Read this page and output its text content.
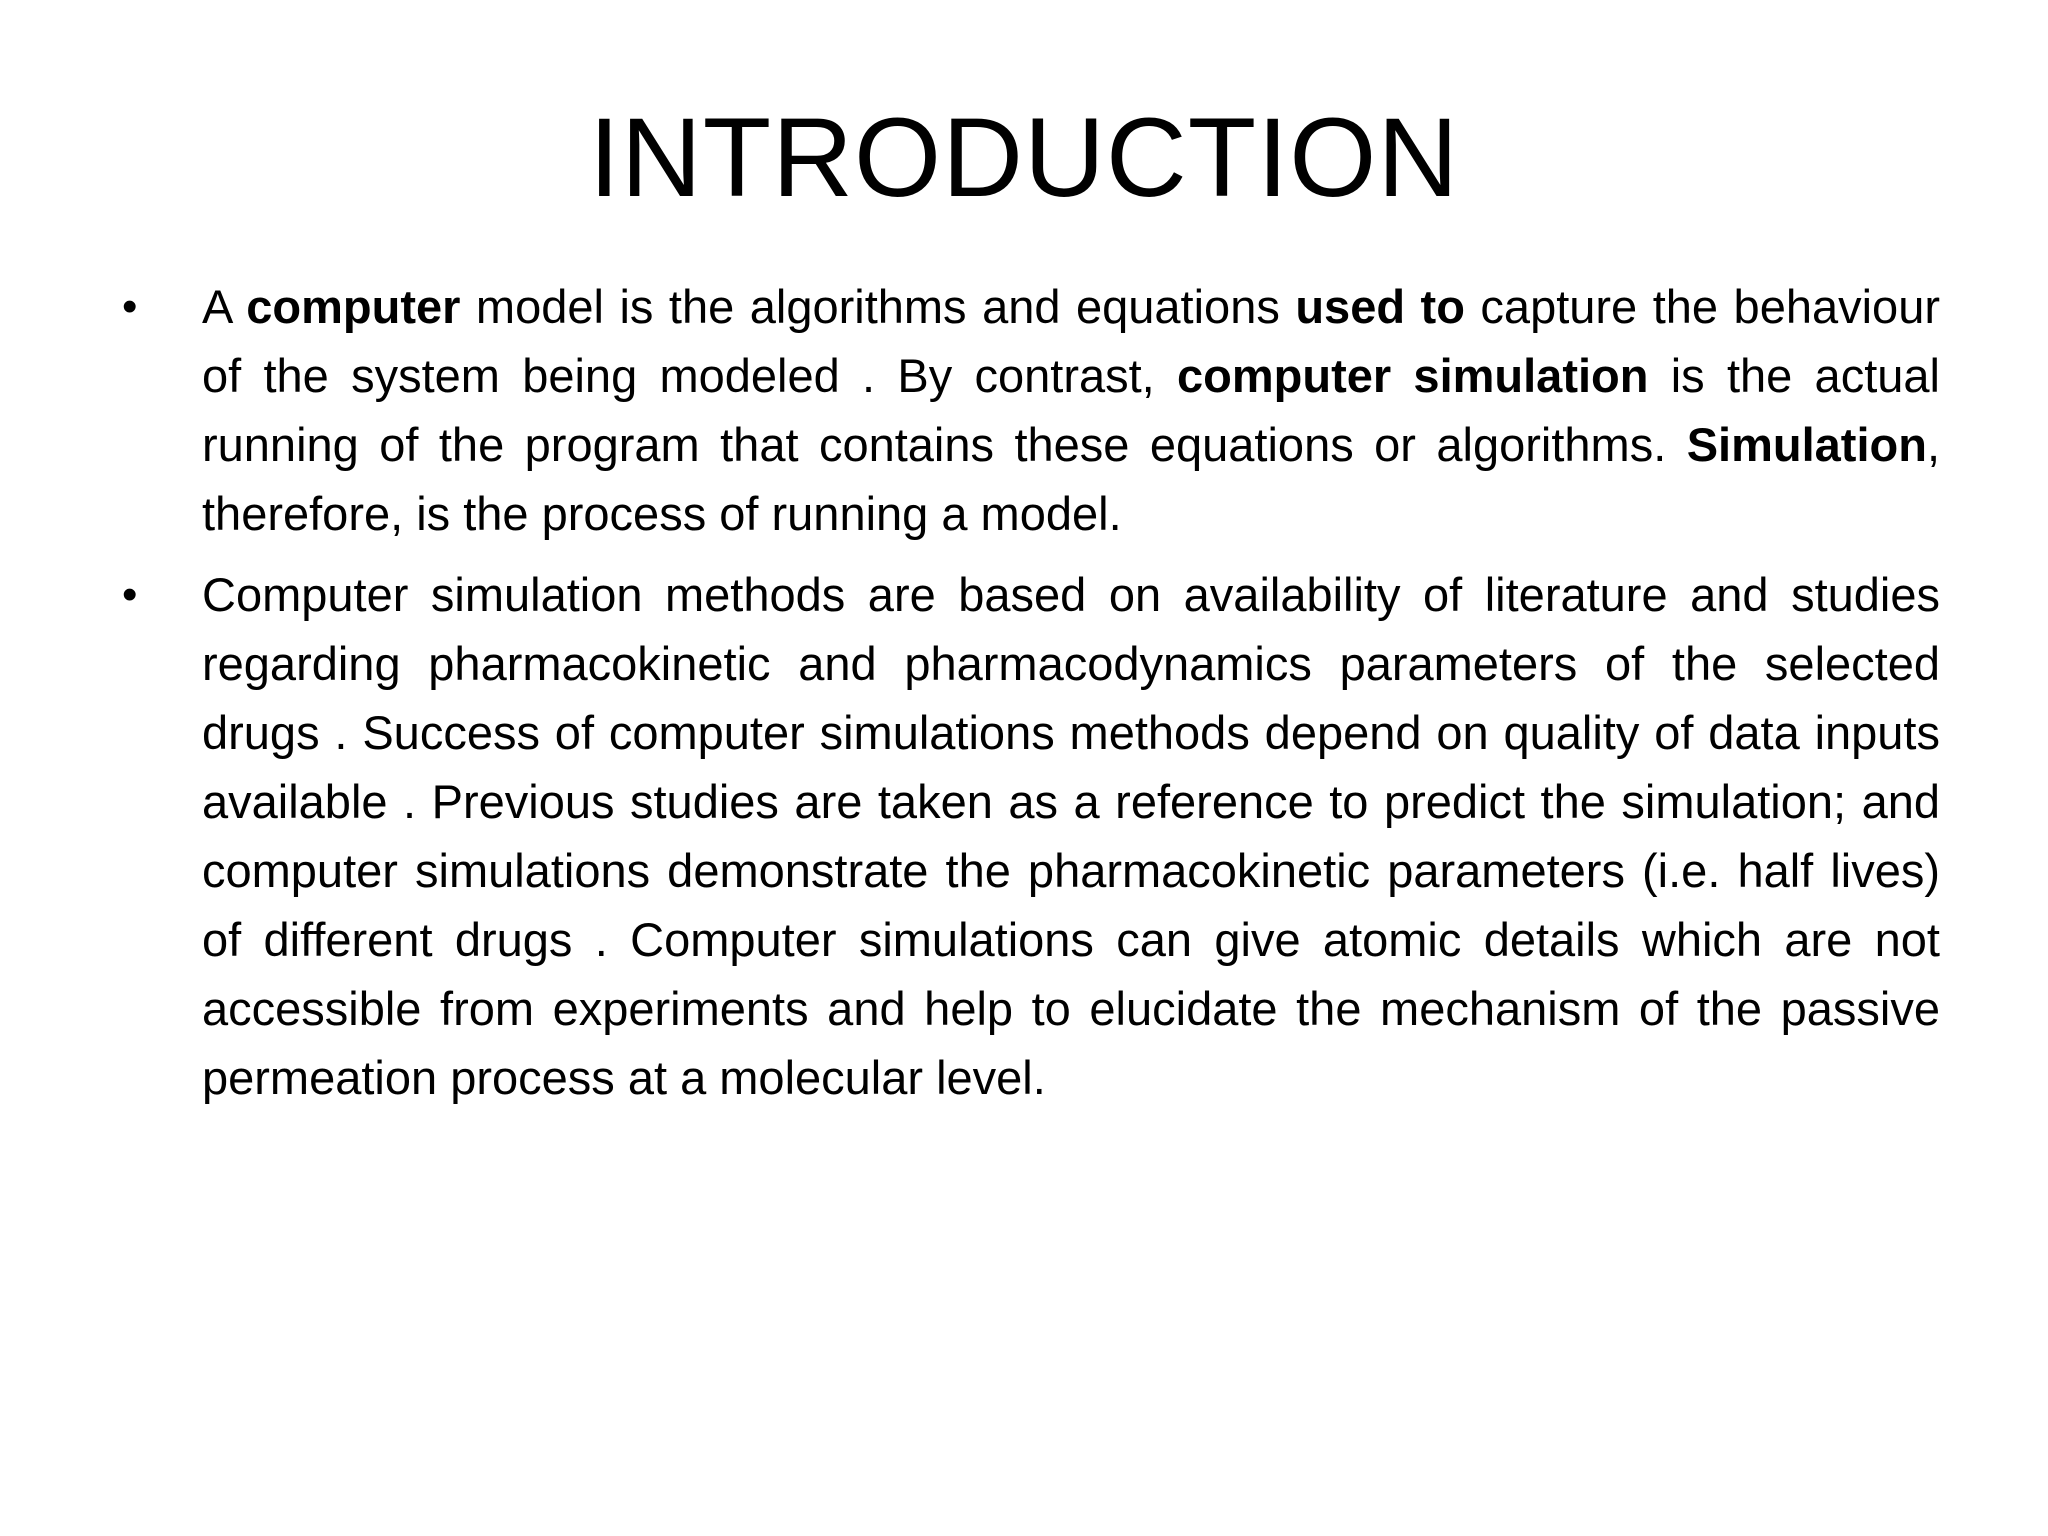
INTRODUCTION
• A computer model is the algorithms and equations used to capture the behaviour of the system being modeled . By contrast, computer simulation is the actual running of the program that contains these equations or algorithms. Simulation, therefore, is the process of running a model.
• Computer simulation methods are based on availability of literature and studies regarding pharmacokinetic and pharmacodynamics parameters of the selected drugs . Success of computer simulations methods depend on quality of data inputs available . Previous studies are taken as a reference to predict the simulation; and computer simulations demonstrate the pharmacokinetic parameters (i.e. half lives) of different drugs . Computer simulations can give atomic details which are not accessible from experiments and help to elucidate the mechanism of the passive permeation process at a molecular level.
